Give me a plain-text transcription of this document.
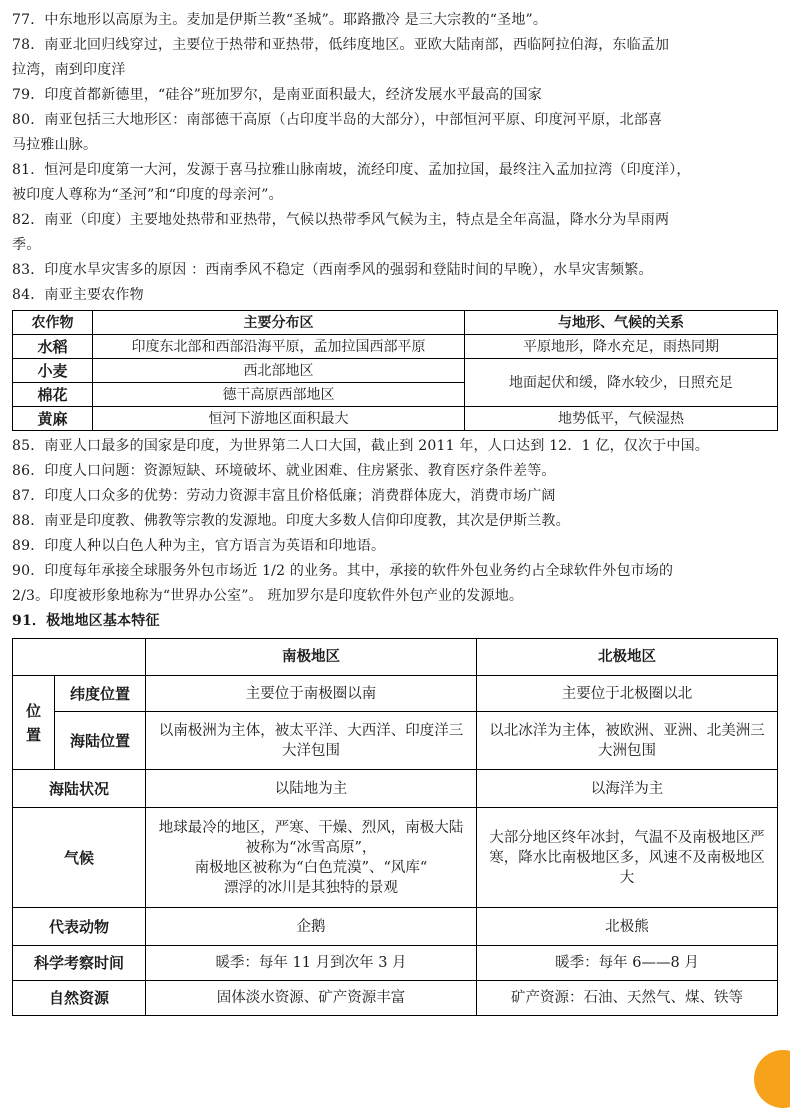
77．中东地形以高原为主。麦加是伊斯兰教“圣城”。耶路撒冷 是三大宗教的“圣地”。
78．南亚北回归线穿过，主要位于热带和亚热带，低纬度地区。亚欧大陆南部，西临阿拉伯海，东临孟加
拉湾，南到印度洋
79．印度首都新德里，“硅谷”班加罗尔，是南亚面积最大，经济发展水平最高的国家
80．南亚包括三大地形区：南部德干高原（占印度半岛的大部分），中部恒河平原、印度河平原，北部喜
马拉雅山脉。
81．恒河是印度第一大河，发源于喜马拉雅山脉南坡，流经印度、孟加拉国，最终注入孟加拉湾（印度洋），
被印度人尊称为“圣河”和“印度的母亲河”。
82．南亚（印度）主要地处热带和亚热带，气候以热带季风气候为主，特点是全年高温，降水分为旱雨两
季。
83．印度水旱灾害多的原因 ：西南季风不稳定（西南季风的强弱和登陆时间的早晚），水旱灾害频繁。
84．南亚主要农作物
农作物	主要分布区	与地形、气候的关系
水稻	印度东北部和西部沿海平原，孟加拉国西部平原	平原地形，降水充足，雨热同期
小麦	西北部地区	地面起伏和缓，降水较少，日照充足
棉花	德干高原西部地区	
黄麻	恒河下游地区面积最大	地势低平，气候湿热
85．南亚人口最多的国家是印度，为世界第二人口大国，截止到 2011 年，人口达到 12．1 亿，仅次于中国。
86．印度人口问题：资源短缺、环境破坏、就业困难、住房紧张、教育医疗条件差等。
87．印度人口众多的优势：劳动力资源丰富且价格低廉；消费群体庞大，消费市场广阔
88．南亚是印度教、佛教等宗教的发源地。印度大多数人信仰印度教，其次是伊斯兰教。
89．印度人种以白色人种为主，官方语言为英语和印地语。
90．印度每年承接全球服务外包市场近 1/2 的业务。其中，承接的软件外包业务约占全球软件外包市场的
2/3。印度被形象地称为“世界办公室”。 班加罗尔是印度软件外包产业的发源地。
91．极地地区基本特征
		南极地区	北极地区
位置	纬度位置	主要位于南极圈以南	主要位于北极圈以北
	海陆位置	以南极洲为主体，被太平洋、大西洋、印度洋三大洋包围	以北冰洋为主体，被欧洲、亚洲、北美洲三大洲包围
海陆状况		以陆地为主	以海洋为主
气候		地球最冷的地区，严寒、干燥、烈风，南极大陆被称为“冰雪高原”，
南极地区被称为“白色荒漠”、“风库“
漂浮的冰川是其独特的景观	大部分地区终年冰封，气温不及南极地区严寒，降水比南极地区多，风速不及南极地区大
代表动物		企鹅	北极熊
科学考察时间		暖季：每年 11 月到次年 3 月	暖季：每年 6——8 月
自然资源		固体淡水资源、矿产资源丰富	矿产资源：石油、天然气、煤、铁等
